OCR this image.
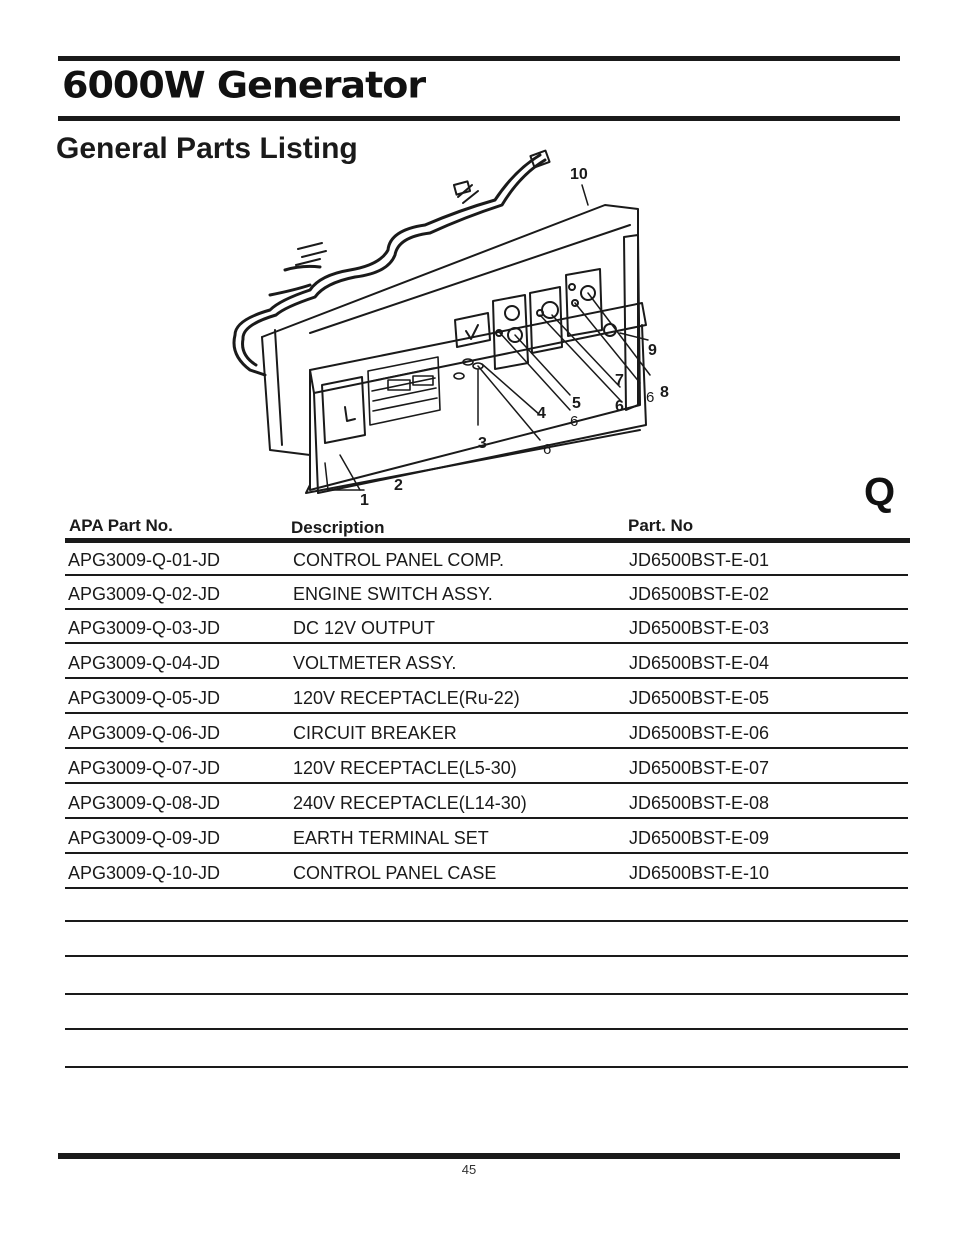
6000W Generator
General Parts Listing
1
2
3
4
5 6
7
8
9
10
6
6
6
Q
APA Part No.	Description	Part. No
APG3009-Q-01-JD	CONTROL PANEL COMP.	JD6500BST-E-01
APG3009-Q-02-JD	ENGINE SWITCH ASSY.	JD6500BST-E-02
APG3009-Q-03-JD	DC 12V OUTPUT	JD6500BST-E-03
APG3009-Q-04-JD	VOLTMETER ASSY.	JD6500BST-E-04
APG3009-Q-05-JD	120V RECEPTACLE(Ru-22)	JD6500BST-E-05
APG3009-Q-06-JD	CIRCUIT BREAKER	JD6500BST-E-06
APG3009-Q-07-JD	120V RECEPTACLE(L5-30)	JD6500BST-E-07
APG3009-Q-08-JD	240V RECEPTACLE(L14-30)	JD6500BST-E-08
APG3009-Q-09-JD	EARTH TERMINAL SET	JD6500BST-E-09
APG3009-Q-10-JD	CONTROL PANEL CASE	JD6500BST-E-10
45
